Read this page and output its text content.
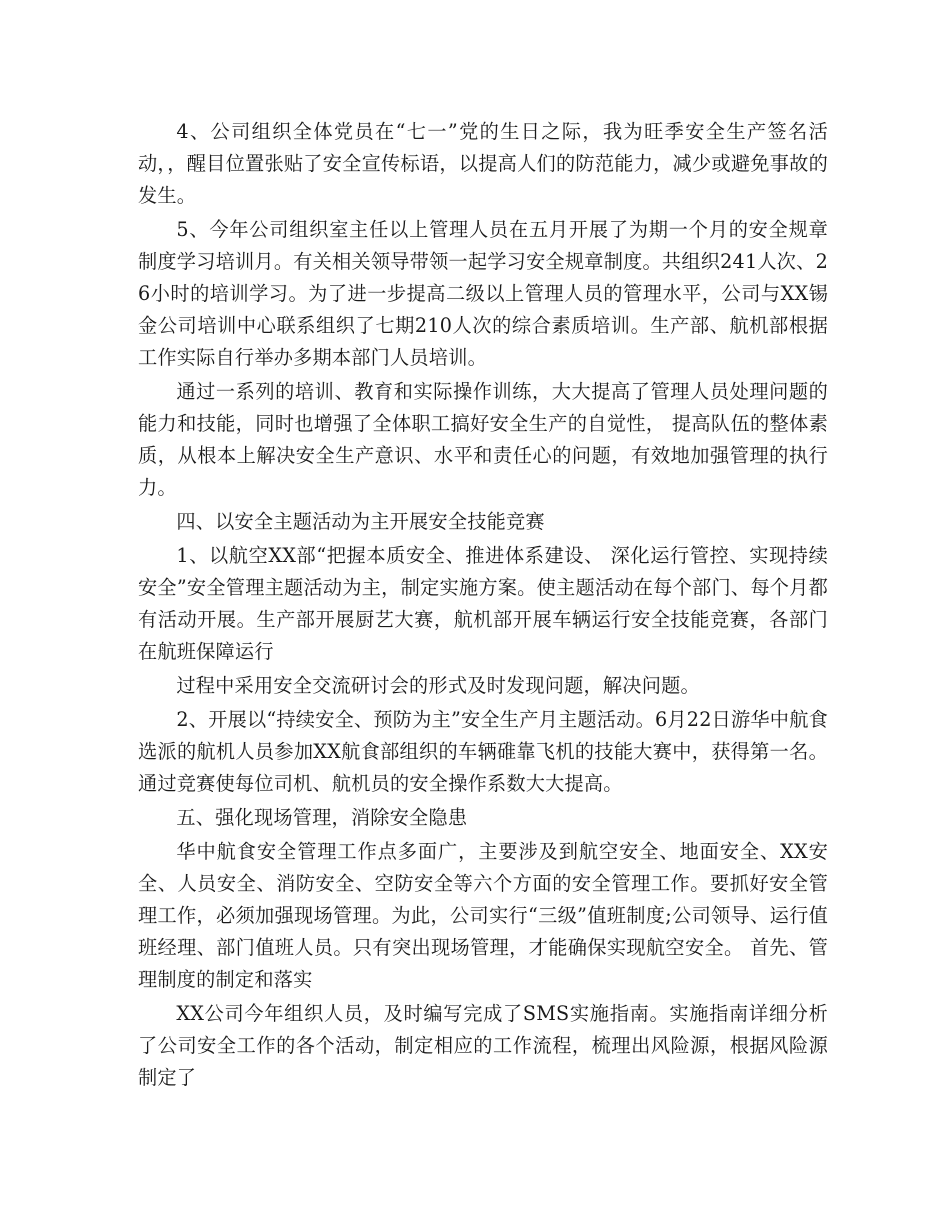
4、公司组织全体党员在“七一”党的生日之际，我为旺季安全生产签名活动，，醒目位置张贴了安全宣传标语，以提高人们的防范能力，减少或避免事故的发生。

5、今年公司组织室主任以上管理人员在五月开展了为期一个月的安全规章制度学习培训月。有关相关领导带领一起学习安全规章制度。共组织241人次、26小时的培训学习。为了进一步提高二级以上管理人员的管理水平，公司与XX锡金公司培训中心联系组织了七期210人次的综合素质培训。生产部、航机部根据工作实际自行举办多期本部门人员培训。

通过一系列的培训、教育和实际操作训练，大大提高了管理人员处理问题的能力和技能，同时也增强了全体职工搞好安全生产的自觉性， 提高队伍的整体素质，从根本上解决安全生产意识、水平和责任心的问题，有效地加强管理的执行力。

四、以安全主题活动为主开展安全技能竞赛

1、以航空XX部“把握本质安全、推进体系建设、 深化运行管控、实现持续安全”安全管理主题活动为主，制定实施方案。使主题活动在每个部门、每个月都有活动开展。生产部开展厨艺大赛，航机部开展车辆运行安全技能竞赛，各部门在航班保障运行

过程中采用安全交流研讨会的形式及时发现问题，解决问题。

2、开展以“持续安全、预防为主”安全生产月主题活动。6月22日游华中航食选派的航机人员参加XX航食部组织的车辆碓靠飞机的技能大赛中，获得第一名。通过竞赛使每位司机、航机员的安全操作系数大大提高。

五、强化现场管理，消除安全隐患

华中航食安全管理工作点多面广，主要涉及到航空安全、地面安全、XX安全、人员安全、消防安全、空防安全等六个方面的安全管理工作。要抓好安全管理工作，必须加强现场管理。为此，公司实行“三级”值班制度;公司领导、运行值班经理、部门值班人员。只有突出现场管理，才能确保实现航空安全。 首先、管理制度的制定和落实

XX公司今年组织人员，及时编写完成了SMS实施指南。实施指南详细分析了公司安全工作的各个活动，制定相应的工作流程，梳理出风险源，根据风险源制定了
